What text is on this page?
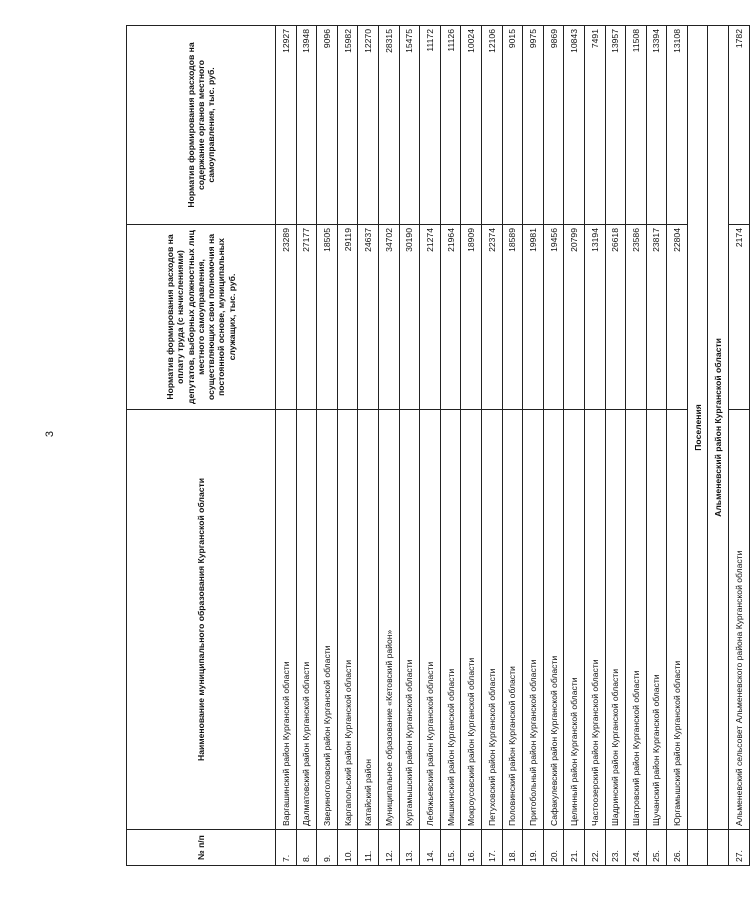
3
№ п/п	Наименование муниципального образования Курганской области	Норматив формирования расходов на оплату труда (с начислениями) депутатов, выборных должностных лиц местного самоуправления, осуществляющих свои полномочия на постоянной основе, муниципальных служащих, тыс. руб.	Норматив формирования расходов на содержание органов местного самоуправления, тыс. руб.
7.	Варгашинский район Курганской области	23289	12927
8.	Далматовский район Курганской области	27177	13948
9.	Звериноголовский район Курганской области	18505	9096
10.	Каргапольский район Курганской области	29119	15982
11.	Катайский район	24637	12270
12.	Муниципальное образование «Кетовский район»	34702	28315
13.	Куртамышский район Курганской области	30190	15475
14.	Лебяжьевский район Курганской области	21274	11172
15.	Мишкинский район Курганской области	21964	11126
16.	Мокроусовский район Курганской области	18909	10024
17.	Петуховский район Курганской области	22374	12106
18.	Половинский район Курганской области	18589	9015
19.	Притобольный район Курганской области	19981	9975
20.	Сафакулевский район Курганской области	19456	9869
21.	Целинный район Курганской области	20799	10843
22.	Частоозерский район Курганской области	13194	7491
23.	Шадринский район Курганской области	26618	13957
24.	Шатровский район Курганской области	23586	11508
25.	Щучанский район Курганской области	23817	13394
26.	Юргамышский район Курганской области	22804	13108
	Поселения		
	Альменевский район Курганской области		
27.	Альменевский сельсовет Альменевского района Курганской области	2174	1782
